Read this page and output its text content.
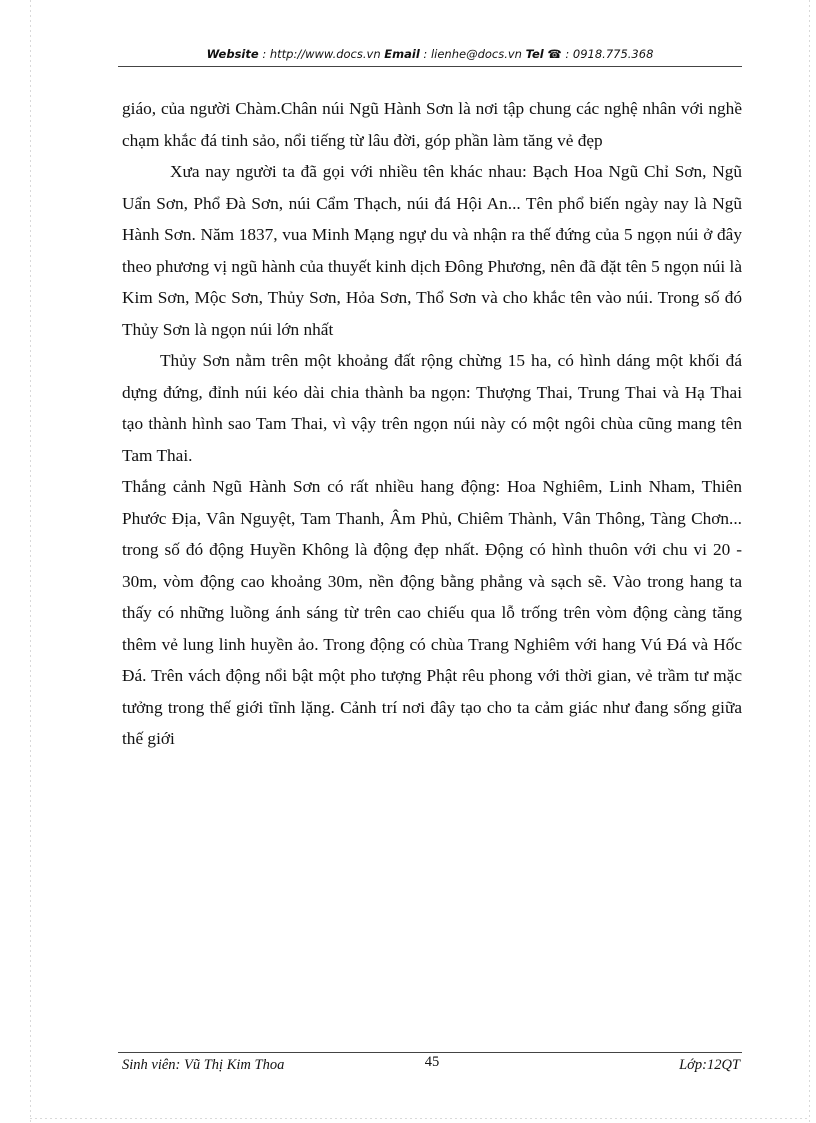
Website : http://www.docs.vn Email : lienhe@docs.vn Tel ☎ : 0918.775.368

giáo, của người Chàm.Chân núi Ngũ Hành Sơn là nơi tập chung các nghệ nhân với nghề chạm khắc đá tinh sảo, nổi tiếng từ lâu đời, góp phần làm tăng vẻ đẹp

Xưa nay người ta đã gọi với nhiều tên khác nhau: Bạch Hoa Ngũ Chỉ Sơn, Ngũ Uẩn Sơn, Phổ Đà Sơn, núi Cẩm Thạch, núi đá Hội An... Tên phổ biến ngày nay là Ngũ Hành Sơn. Năm 1837, vua Minh Mạng ngự du và nhận ra thế đứng của 5 ngọn núi ở đây theo phương vị ngũ hành của thuyết kinh dịch Đông Phương, nên đã đặt tên 5 ngọn núi là Kim Sơn, Mộc Sơn, Thủy Sơn, Hỏa Sơn, Thổ Sơn và cho khắc tên vào núi. Trong số đó Thủy Sơn là ngọn núi lớn nhất

Thủy Sơn nằm trên một khoảng đất rộng chừng 15 ha, có hình dáng một khối đá dựng đứng, đỉnh núi kéo dài chia thành ba ngọn: Thượng Thai, Trung Thai và Hạ Thai tạo thành hình sao Tam Thai, vì vậy trên ngọn núi này có một ngôi chùa cũng mang tên Tam Thai.

Thắng cảnh Ngũ Hành Sơn có rất nhiều hang động: Hoa Nghiêm, Linh Nham, Thiên Phước Địa, Vân Nguyệt, Tam Thanh, Âm Phủ, Chiêm Thành, Vân Thông, Tàng Chơn... trong số đó động Huyền Không là động đẹp nhất. Động có hình thuôn với chu vi 20 - 30m, vòm động cao khoảng 30m, nền động bằng phẳng và sạch sẽ. Vào trong hang ta thấy có những luồng ánh sáng từ trên cao chiếu qua lỗ trống trên vòm động càng tăng thêm vẻ lung linh huyền ảo. Trong động có chùa Trang Nghiêm với hang Vú Đá và Hốc Đá. Trên vách động nổi bật một pho tượng Phật rêu phong với thời gian, vẻ trầm tư mặc tưởng trong thế giới tĩnh lặng. Cảnh trí nơi đây tạo cho ta cảm giác như đang sống giữa thế giới

Sinh viên: Vũ Thị Kim Thoa	45	Lớp:12QT
